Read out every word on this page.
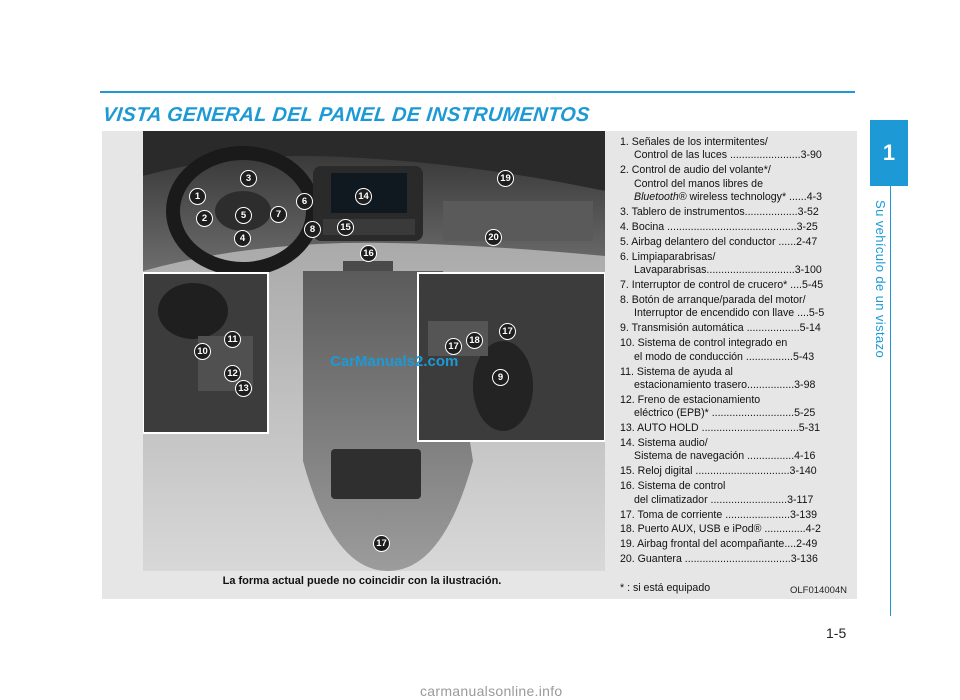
VISTA GENERAL DEL PANEL DE INSTRUMENTOS
1
Su vehículo de un vistazo
1
2
3
4
5
6
7
8
14
15
16
19
20
10
11
12
13
17
18
17
9
17
CarManuals2.com
La forma actual puede no coincidir con la ilustración.
OLF014004N
1. Señales de los intermitentes/
Control de las luces ........................3-90
2. Control de audio del volante*/
Control del manos libres de
Bluetooth® wireless technology* ......4-3
3. Tablero de instrumentos..................3-52
4. Bocina ............................................3-25
5. Airbag delantero del conductor ......2-47
6. Limpiaparabrisas/
Lavaparabrisas..............................3-100
7. Interruptor de control de crucero* ....5-45
8. Botón de arranque/parada del motor/
Interruptor de encendido con llave ....5-5
9. Transmisión automática ..................5-14
10. Sistema de control integrado en
el modo de conducción ................5-43
11. Sistema de ayuda al
estacionamiento trasero................3-98
12. Freno de estacionamiento
eléctrico (EPB)* ............................5-25
13. AUTO HOLD .................................5-31
14. Sistema audio/
Sistema de navegación ................4-16
15. Reloj digital ................................3-140
16. Sistema de control
del climatizador ..........................3-117
17. Toma de corriente ......................3-139
18. Puerto AUX, USB e iPod® ..............4-2
19. Airbag frontal del acompañante....2-49
20. Guantera ....................................3-136
* : si está equipado
1-5
carmanualsonline.info
